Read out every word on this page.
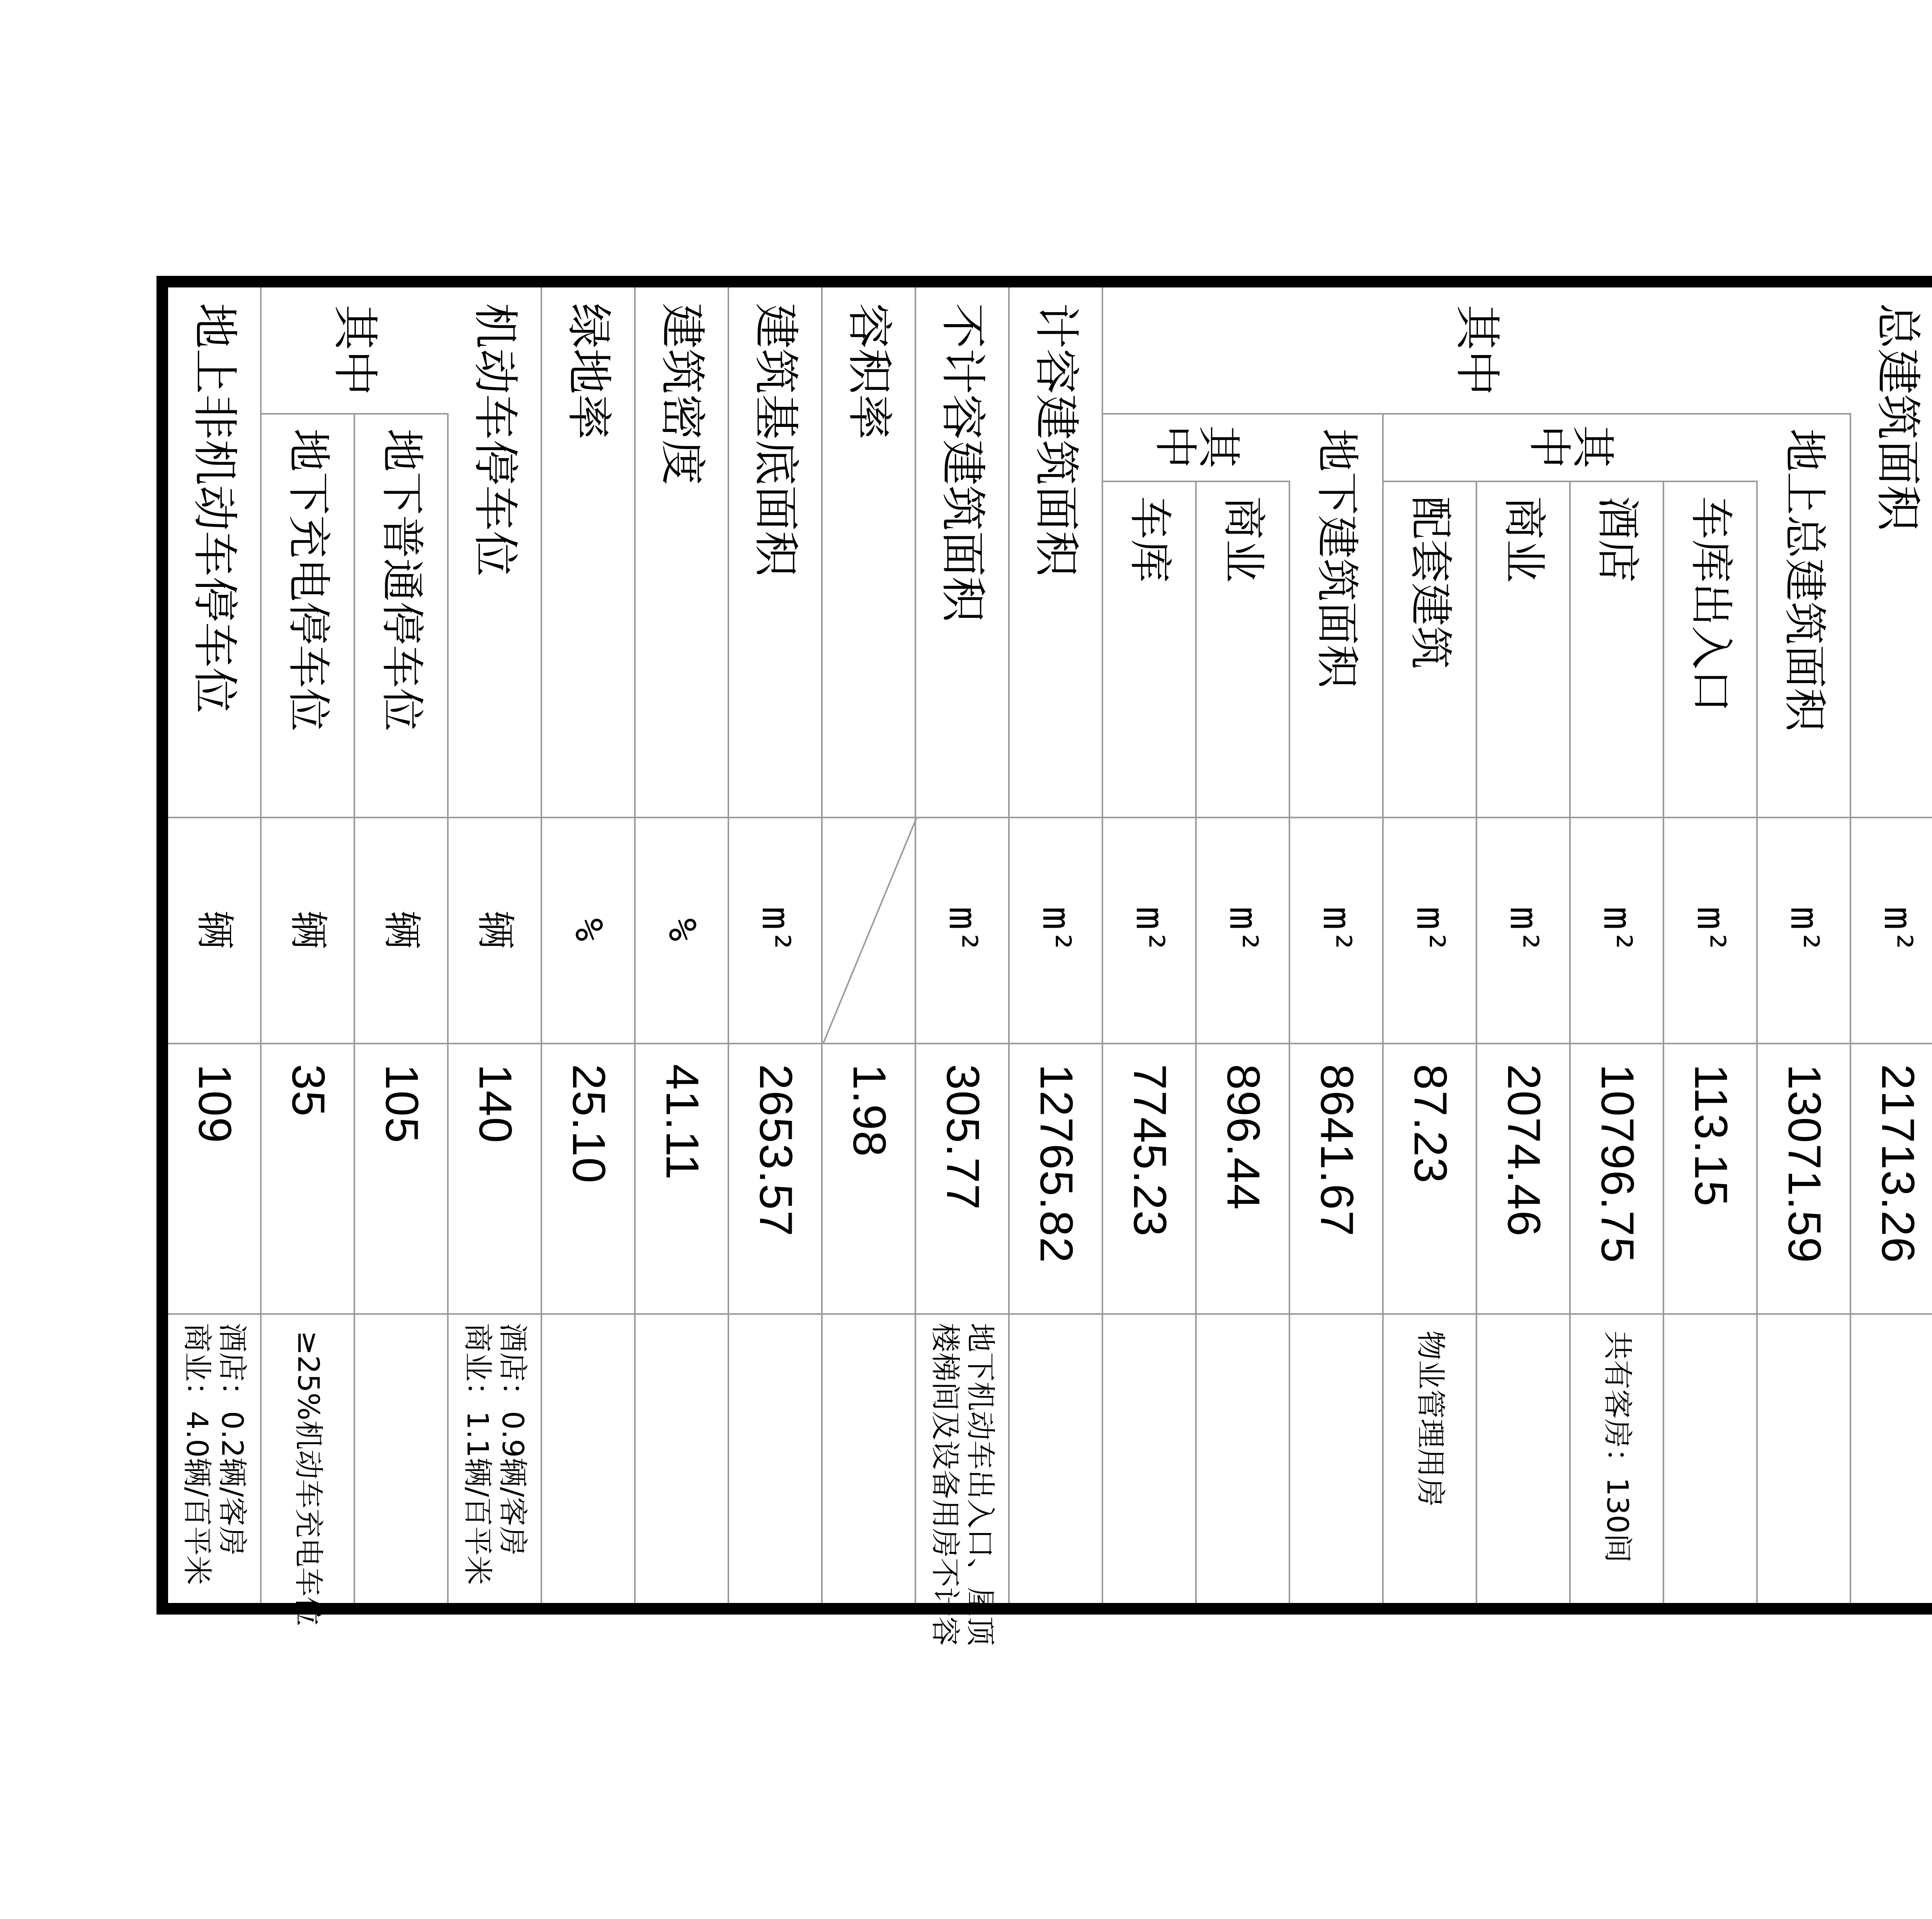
其中
其
中
其
中
其中	总建筑面积
m²
21713.26
地上总建筑面积
m²
13071.59
车库出入口
m²
113.15
酒店
m²
10796.75
共有客房：130间
商业
m²
2074.46
配套建筑
m²
87.23
物业管理用房
地下建筑面积
m²
8641.67
商业
m²
896.44
车库
m²
7745.23
计容建筑面积
m²
12765.82
不计容建筑面积
m²
305.77
地下机动车出入口、屋顶
楼梯间及设备用房不计容
容积率
1.98
建筑基底面积
m²
2653.57
建筑密度
%
41.11
绿地率
%
25.10
机动车停车位
辆
140
酒店：0.9辆/客房
商业：1.1辆/百平米
地下普通停车位
辆
105
地下充电停车位
辆
35
≥25%机动车充电车位
地上非机动车停车位
辆
109
酒店：0.2辆/客房
商业：4.0辆/百平米
